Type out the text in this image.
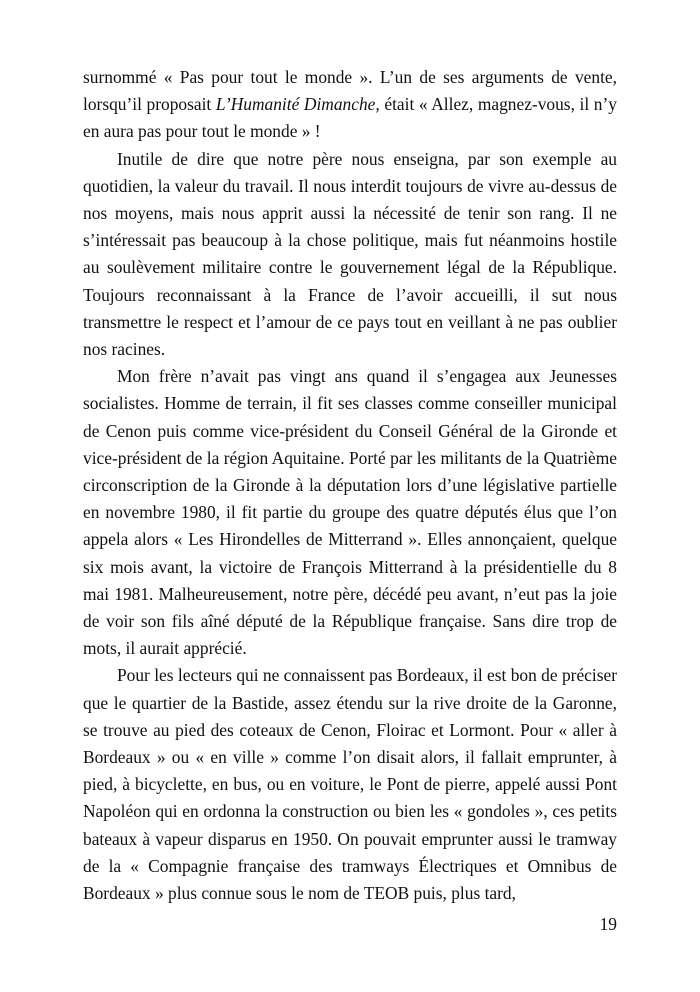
surnommé « Pas pour tout le monde ». L’un de ses arguments de vente, lorsqu’il proposait L’Humanité Dimanche, était « Allez, magnez-vous, il n’y en aura pas pour tout le monde » !

Inutile de dire que notre père nous enseigna, par son exemple au quotidien, la valeur du travail. Il nous interdit toujours de vivre au-dessus de nos moyens, mais nous apprit aussi la nécessité de tenir son rang. Il ne s’intéressait pas beaucoup à la chose politique, mais fut néanmoins hostile au soulèvement militaire contre le gouvernement légal de la République. Toujours reconnaissant à la France de l’avoir accueilli, il sut nous transmettre le respect et l’amour de ce pays tout en veillant à ne pas oublier nos racines.

Mon frère n’avait pas vingt ans quand il s’engagea aux Jeunesses socialistes. Homme de terrain, il fit ses classes comme conseiller municipal de Cenon puis comme vice-président du Conseil Général de la Gironde et vice-président de la région Aquitaine. Porté par les militants de la Quatrième circonscription de la Gironde à la députation lors d’une législative partielle en novembre 1980, il fit partie du groupe des quatre députés élus que l’on appela alors « Les Hirondelles de Mitterrand ». Elles annonçaient, quelque six mois avant, la victoire de François Mitterrand à la présidentielle du 8 mai 1981. Malheureusement, notre père, décédé peu avant, n’eut pas la joie de voir son fils aîné député de la République française. Sans dire trop de mots, il aurait apprécié.

Pour les lecteurs qui ne connaissent pas Bordeaux, il est bon de préciser que le quartier de la Bastide, assez étendu sur la rive droite de la Garonne, se trouve au pied des coteaux de Cenon, Floirac et Lormont. Pour « aller à Bordeaux » ou « en ville » comme l’on disait alors, il fallait emprunter, à pied, à bicyclette, en bus, ou en voiture, le Pont de pierre, appelé aussi Pont Napoléon qui en ordonna la construction ou bien les « gondoles », ces petits bateaux à vapeur disparus en 1950. On pouvait emprunter aussi le tramway de la « Compagnie française des tramways Électriques et Omnibus de Bordeaux » plus connue sous le nom de TEOB puis, plus tard,

19
